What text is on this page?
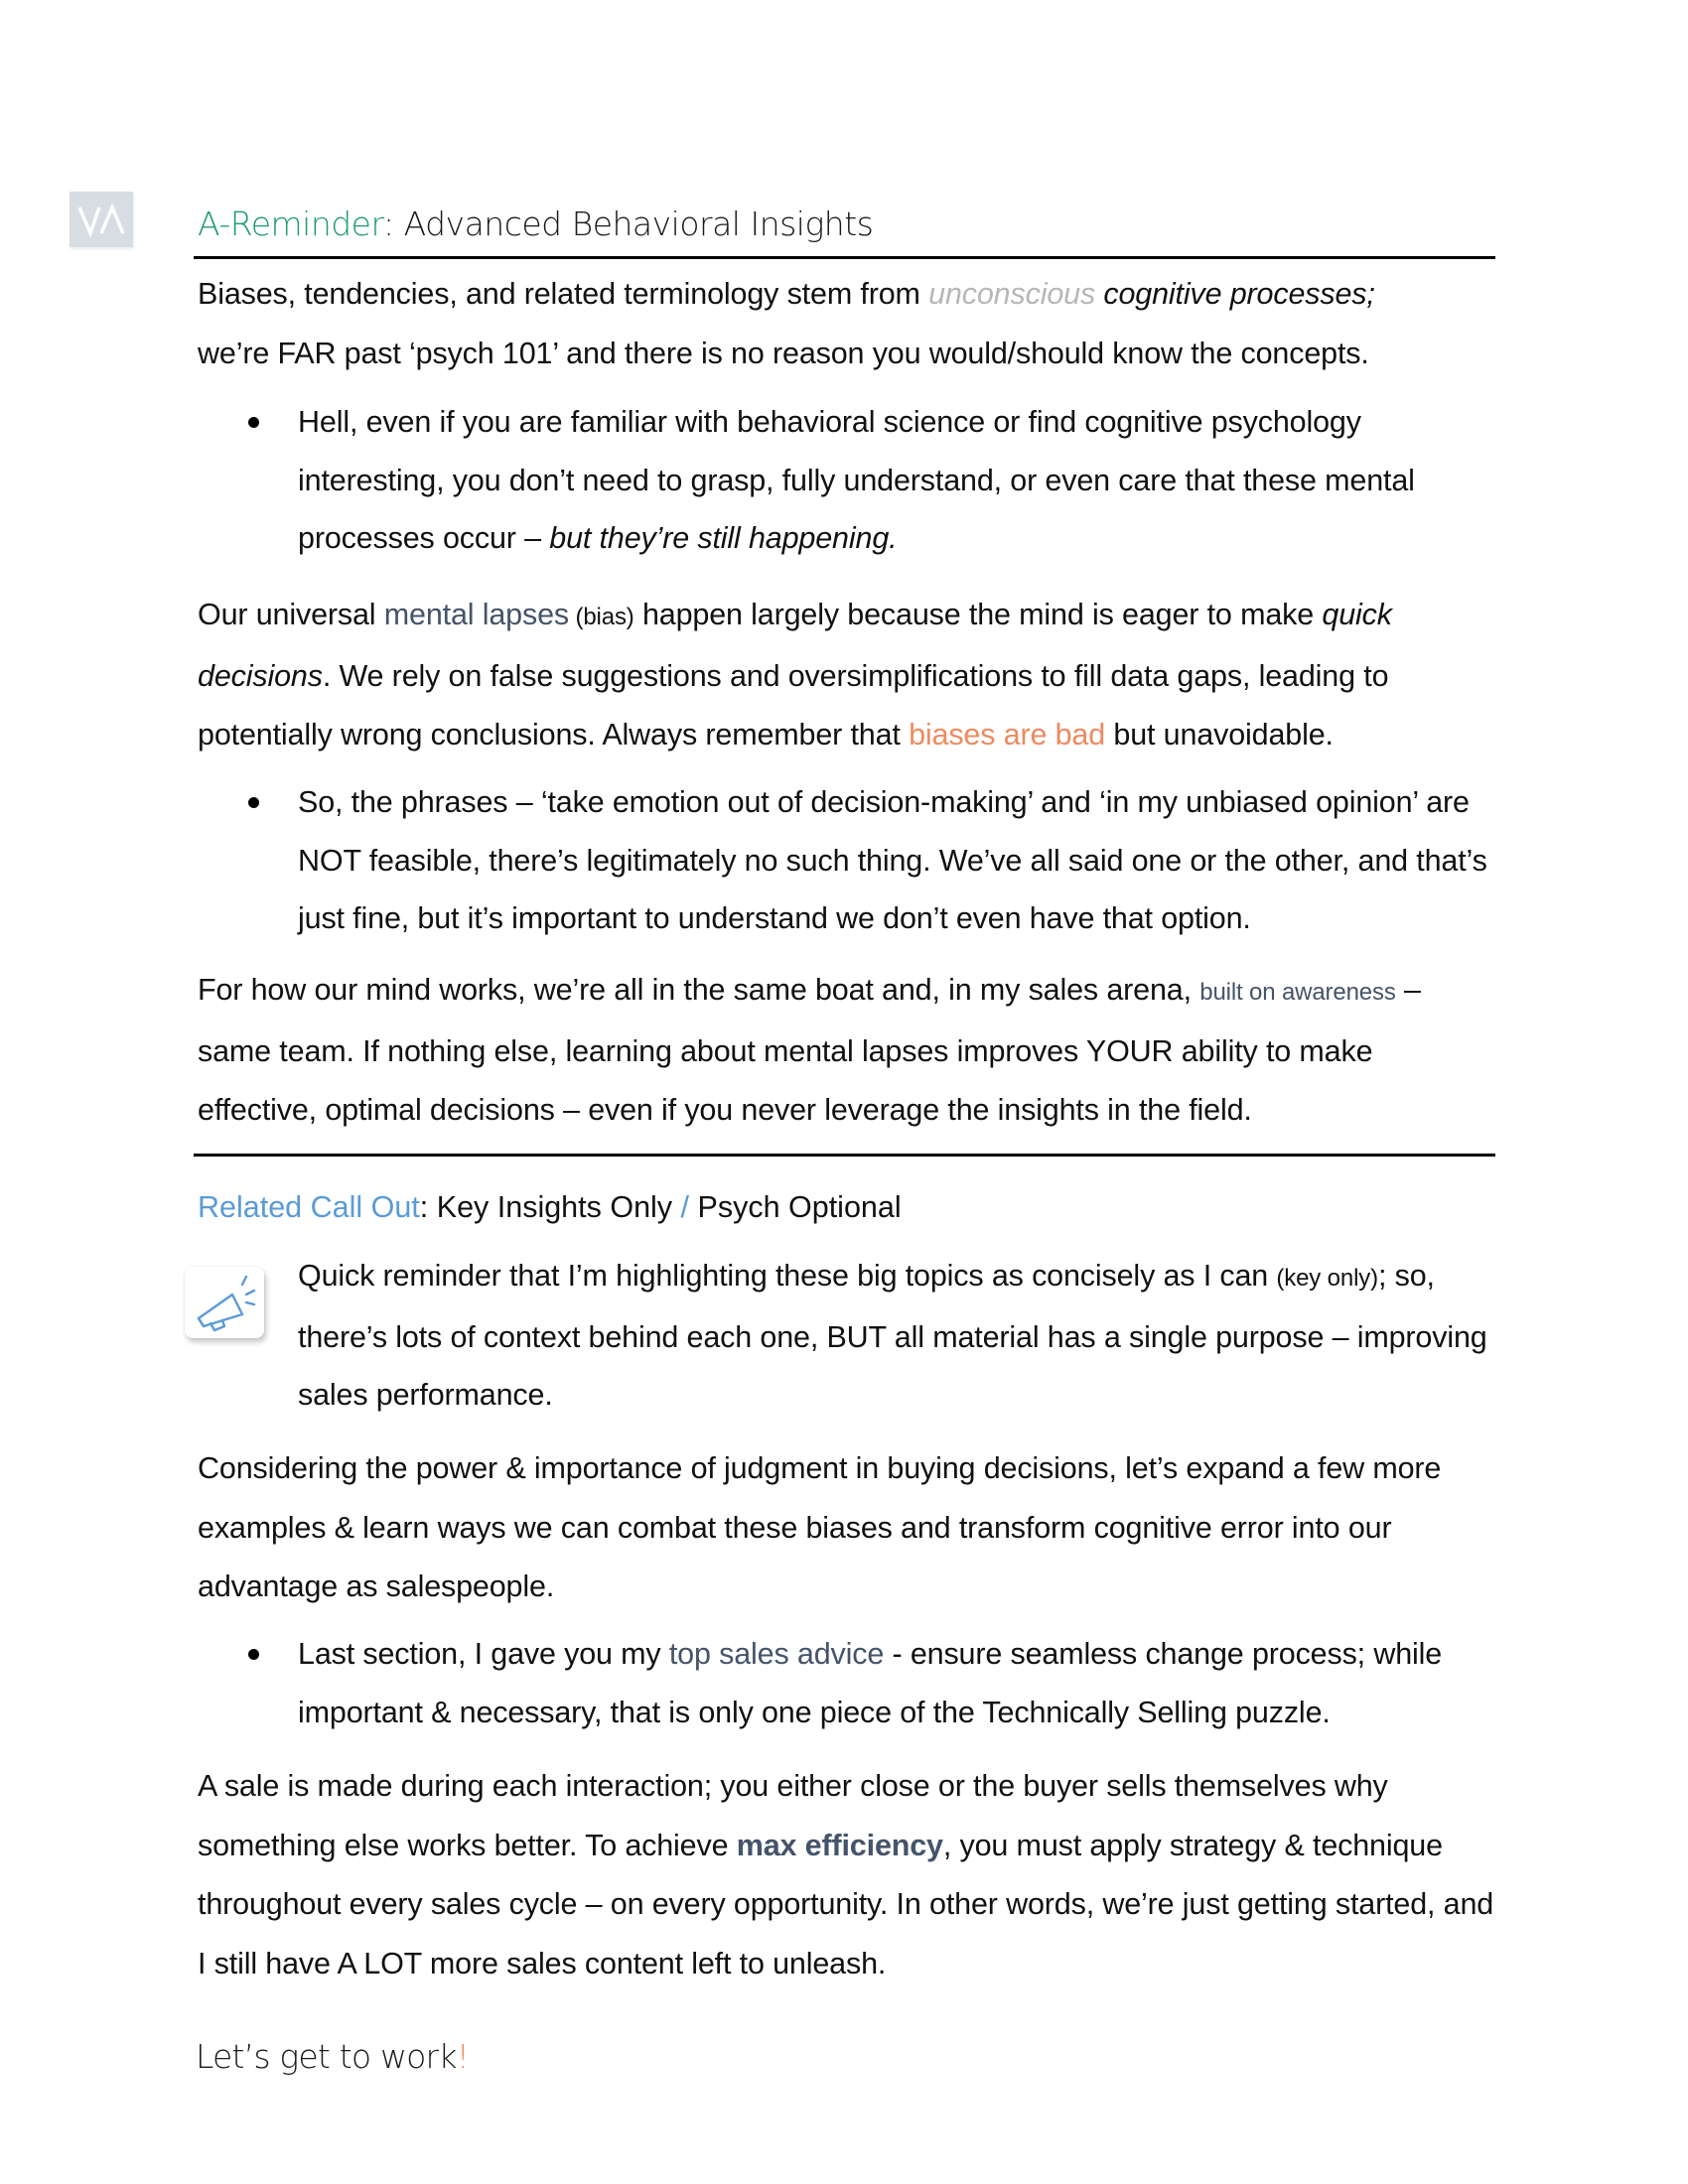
A-Reminder: Advanced Behavioral Insights

Biases, tendencies, and related terminology stem from unconscious cognitive processes;

we’re FAR past ‘psych 101’ and there is no reason you would/should know the concepts.

Hell, even if you are familiar with behavioral science or find cognitive psychology interesting, you don’t need to grasp, fully understand, or even care that these mental processes occur – but they’re still happening.
Our universal mental lapses (bias) happen largely because the mind is eager to make quick decisions. We rely on false suggestions and oversimplifications to fill data gaps, leading to potentially wrong conclusions. Always remember that biases are bad but unavoidable.
So, the phrases – ‘take emotion out of decision-making’ and ‘in my unbiased opinion’ are NOT feasible, there’s legitimately no such thing. We’ve all said one or the other, and that’s just fine, but it’s important to understand we don’t even have that option.
For how our mind works, we’re all in the same boat and, in my sales arena, built on awareness – same team. If nothing else, learning about mental lapses improves YOUR ability to make effective, optimal decisions – even if you never leverage the insights in the field.
Related Call Out: Key Insights Only / Psych Optional
Quick reminder that I’m highlighting these big topics as concisely as I can (key only); so, there’s lots of context behind each one, BUT all material has a single purpose – improving sales performance.
Considering the power & importance of judgment in buying decisions, let’s expand a few more examples & learn ways we can combat these biases and transform cognitive error into our advantage as salespeople.
Last section, I gave you my top sales advice - ensure seamless change process; while important & necessary, that is only one piece of the Technically Selling puzzle.
A sale is made during each interaction; you either close or the buyer sells themselves why something else works better. To achieve max efficiency, you must apply strategy & technique throughout every sales cycle – on every opportunity. In other words, we’re just getting started, and I still have A LOT more sales content left to unleash.
Let’s get to work!
